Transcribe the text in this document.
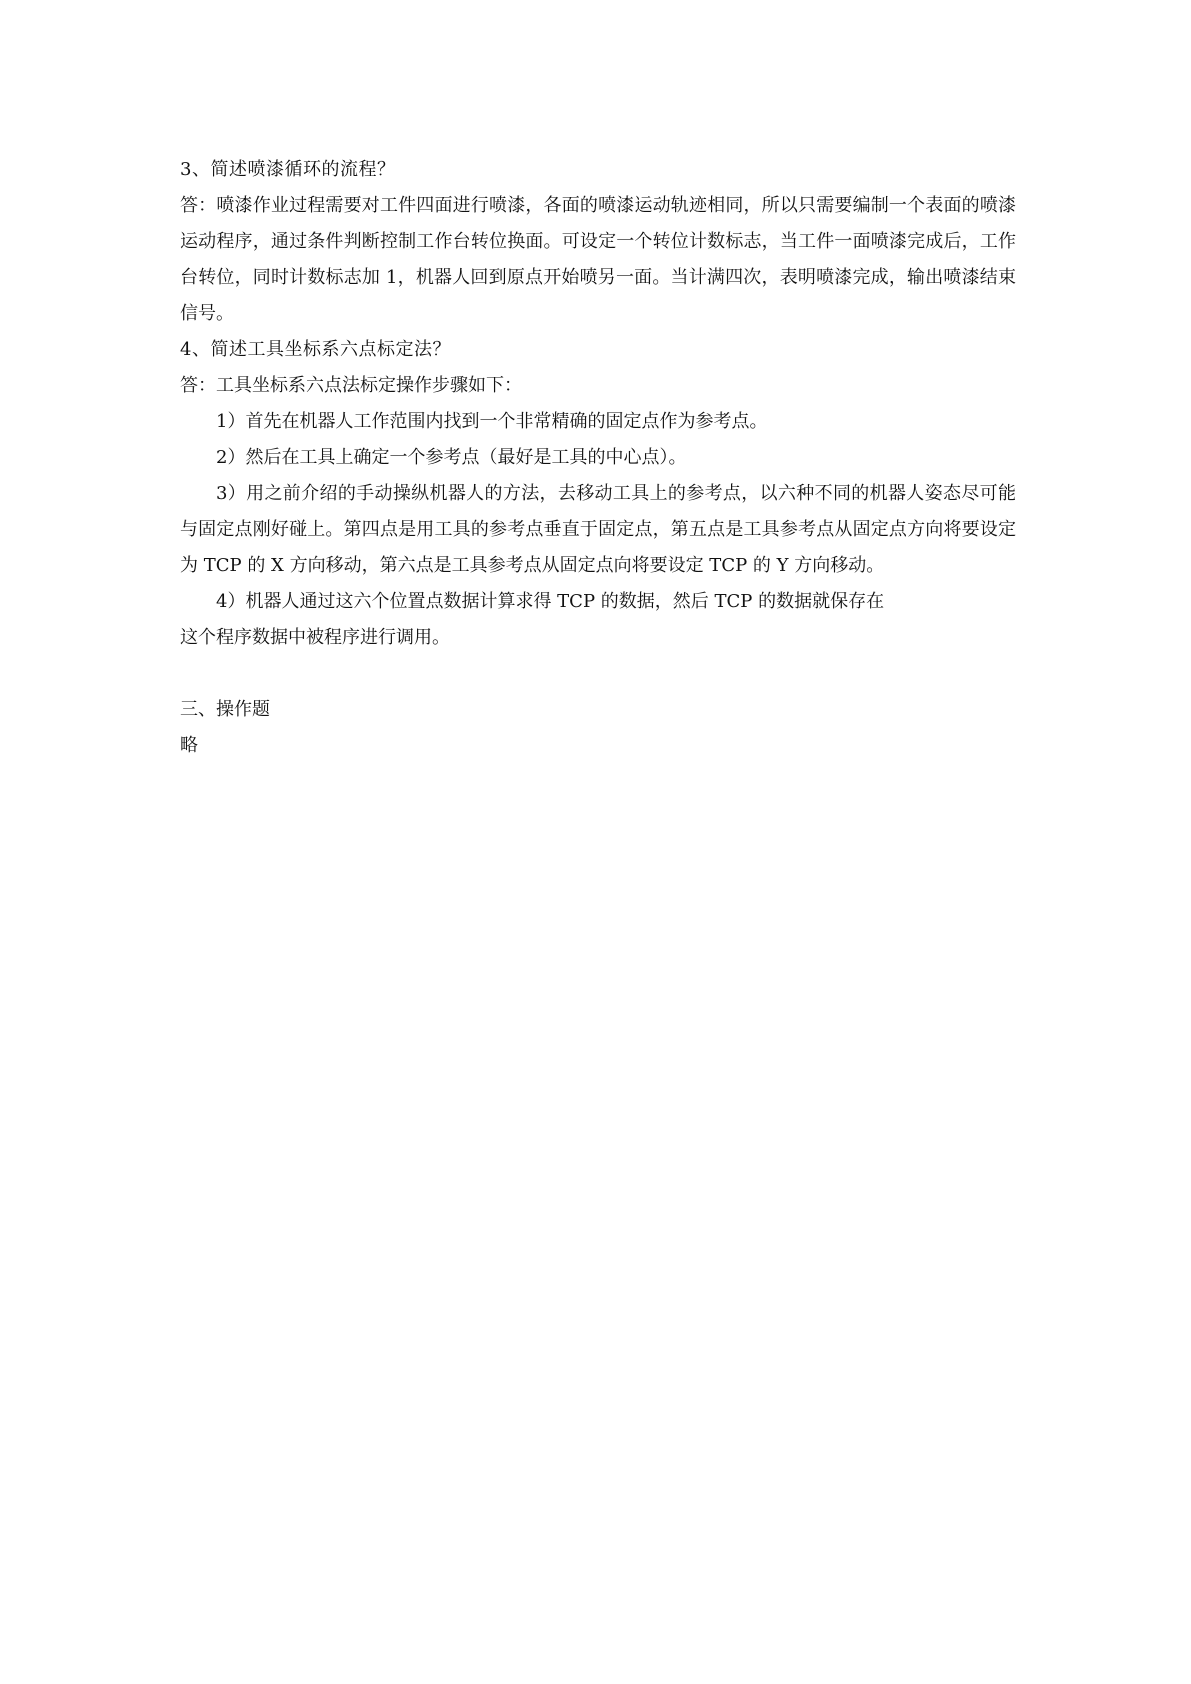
3、简述喷漆循环的流程？

答：喷漆作业过程需要对工件四面进行喷漆，各面的喷漆运动轨迹相同，所以只需要编制一个表面的喷漆运动程序，通过条件判断控制工作台转位换面。可设定一个转位计数标志，当工件一面喷漆完成后，工作台转位，同时计数标志加 1，机器人回到原点开始喷另一面。当计满四次，表明喷漆完成，输出喷漆结束信号。

4、简述工具坐标系六点标定法？

答：工具坐标系六点法标定操作步骤如下：

1）首先在机器人工作范围内找到一个非常精确的固定点作为参考点。

2）然后在工具上确定一个参考点（最好是工具的中心点）。

3）用之前介绍的手动操纵机器人的方法，去移动工具上的参考点，以六种不同的机器人姿态尽可能与固定点刚好碰上。第四点是用工具的参考点垂直于固定点，第五点是工具参考点从固定点方向将要设定为 TCP 的 X 方向移动，第六点是工具参考点从固定点向将要设定 TCP 的 Y 方向移动。

4）机器人通过这六个位置点数据计算求得 TCP 的数据，然后 TCP 的数据就保存在

这个程序数据中被程序进行调用。

三、操作题

略
